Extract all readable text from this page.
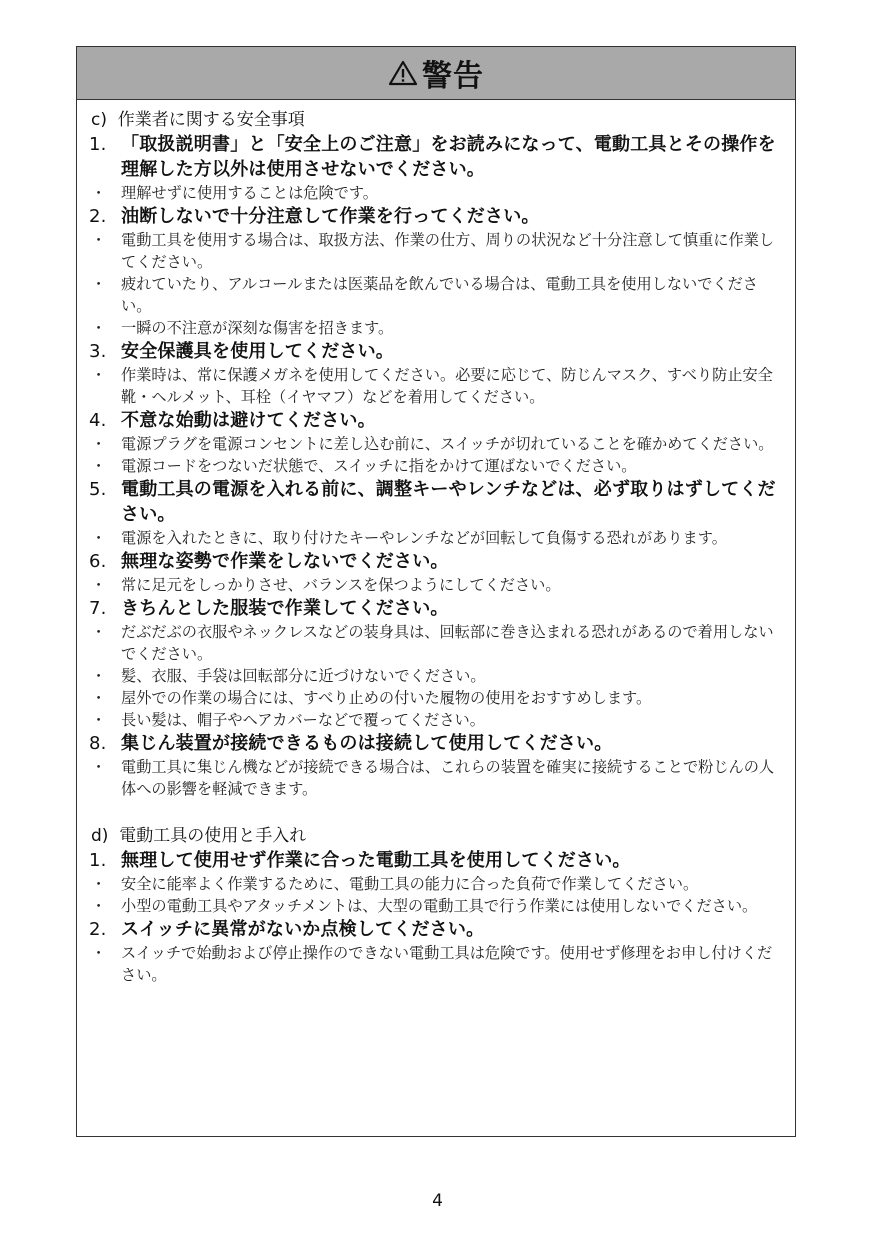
警告
c) 作業者に関する安全事項
1. 「取扱説明書」と「安全上のご注意」をお読みになって、電動工具とその操作を理解した方以外は使用させないでください。
・ 理解せずに使用することは危険です。
2. 油断しないで十分注意して作業を行ってください。
・ 電動工具を使用する場合は、取扱方法、作業の仕方、周りの状況など十分注意して慎重に作業してください。
・ 疲れていたり、アルコールまたは医薬品を飲んでいる場合は、電動工具を使用しないでください。
・ 一瞬の不注意が深刻な傷害を招きます。
3. 安全保護具を使用してください。
・ 作業時は、常に保護メガネを使用してください。必要に応じて、防じんマスク、すべり防止安全靴・ヘルメット、耳栓（イヤマフ）などを着用してください。
4. 不意な始動は避けてください。
・ 電源プラグを電源コンセントに差し込む前に、スイッチが切れていることを確かめてください。
・ 電源コードをつないだ状態で、スイッチに指をかけて運ばないでください。
5. 電動工具の電源を入れる前に、調整キーやレンチなどは、必ず取りはずしてください。
・ 電源を入れたときに、取り付けたキーやレンチなどが回転して負傷する恐れがあります。
6. 無理な姿勢で作業をしないでください。
・ 常に足元をしっかりさせ、バランスを保つようにしてください。
7. きちんとした服装で作業してください。
・ だぶだぶの衣服やネックレスなどの装身具は、回転部に巻き込まれる恐れがあるので着用しないでください。
・ 髪、衣服、手袋は回転部分に近づけないでください。
・ 屋外での作業の場合には、すべり止めの付いた履物の使用をおすすめします。
・ 長い髪は、帽子やヘアカバーなどで覆ってください。
8. 集じん装置が接続できるものは接続して使用してください。
・ 電動工具に集じん機などが接続できる場合は、これらの装置を確実に接続することで粉じんの人体への影響を軽減できます。
d) 電動工具の使用と手入れ
1. 無理して使用せず作業に合った電動工具を使用してください。
・ 安全に能率よく作業するために、電動工具の能力に合った負荷で作業してください。
・ 小型の電動工具やアタッチメントは、大型の電動工具で行う作業には使用しないでください。
2. スイッチに異常がないか点検してください。
・ スイッチで始動および停止操作のできない電動工具は危険です。使用せず修理をお申し付けください。
4
